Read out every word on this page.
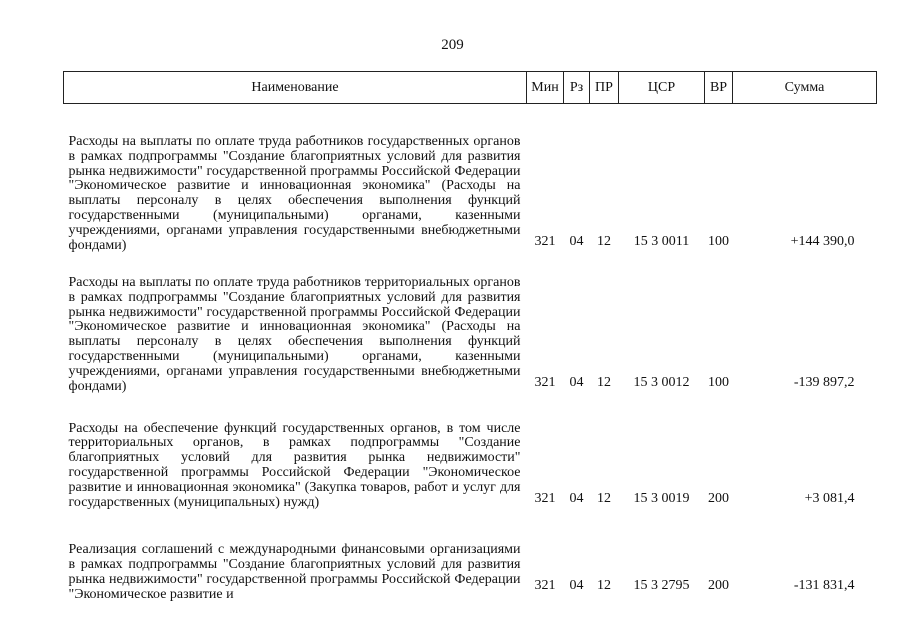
209
Наименование	Мин	Рз	ПР	ЦСР	ВР	Сумма

Расходы на выплаты по оплате труда работников государственных органов в рамках подпрограммы "Создание благоприятных условий для развития рынка недвижимости" государственной программы Российской Федерации "Экономическое развитие и инновационная экономика" (Расходы на выплаты персоналу в целях обеспечения выполнения функций государственными (муниципальными) органами, казенными учреждениями, органами управления государственными внебюджетными фондами)	321	04	12	15 3 0011	100	+144 390,0

Расходы на выплаты по оплате труда работников территориальных органов в рамках подпрограммы "Создание благоприятных условий для развития рынка недвижимости" государственной программы Российской Федерации "Экономическое развитие и инновационная экономика" (Расходы на выплаты персоналу в целях обеспечения выполнения функций государственными (муниципальными) органами, казенными учреждениями, органами управления государственными внебюджетными фондами)	321	04	12	15 3 0012	100	-139 897,2

Расходы на обеспечение функций государственных органов, в том числе территориальных органов, в рамках подпрограммы "Создание благоприятных условий для развития рынка недвижимости" государственной программы Российской Федерации "Экономическое развитие и инновационная экономика" (Закупка товаров, работ и услуг для государственных (муниципальных) нужд)	321	04	12	15 3 0019	200	+3 081,4

Реализация соглашений с международными финансовыми организациями в рамках подпрограммы "Создание благоприятных условий для развития рынка недвижимости" государственной программы Российской Федерации "Экономическое развитие и	321	04	12	15 3 2795	200	-131 831,4
